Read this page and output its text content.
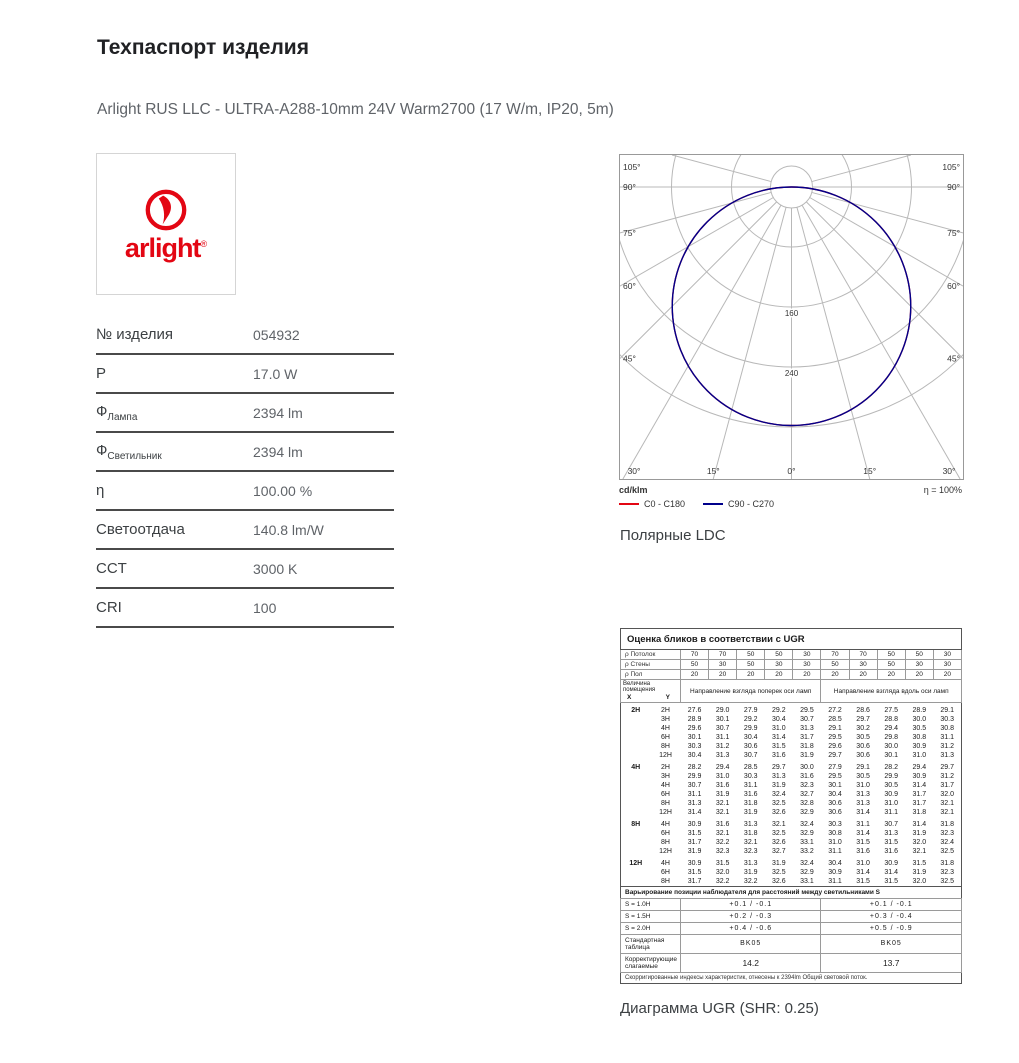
Техпаспорт изделия
Arlight RUS LLC - ULTRA-A288-10mm 24V Warm2700 (17 W/m, IP20, 5m)
arlight®
№ изделия	054932
P	17.0 W
$Ф_{Лампа}$	2394 lm
$Ф_{Светильник}$	2394 lm
η	100.00 %
Светоотдача	140.8 lm/W
CCT	3000 K
CRI	100
160
240
105°
105°
90°
90°
75°
75°
60°
60°
45°
45°
30°
30°	15°
15°	0°
cd/klm	η = 100%
C0 - C180	C90 - C270
Полярные LDC
Оценка бликов в соответствии с UGR											
ρ Потолок		70	70	50	50	30	70	70	50	50	30
ρ Стены		50	30	50	30	30	50	30	50	30	30
ρ Пол		20	20	20	20	20	20	20	20	20	20

Величина помещения
X Y		Направление взгляда поперек оси ламп					Направление взгляда вдоль оси ламп				

2H	2H	27.6	29.0	27.9	29.2	29.5	27.2	28.6	27.5	28.9	29.1
	3H	28.9	30.1	29.2	30.4	30.7	28.5	29.7	28.8	30.0	30.3
	4H	29.6	30.7	29.9	31.0	31.3	29.1	30.2	29.4	30.5	30.8
	6H	30.1	31.1	30.4	31.4	31.7	29.5	30.5	29.8	30.8	31.1
	8H	30.3	31.2	30.6	31.5	31.8	29.6	30.6	30.0	30.9	31.2
	12H	30.4	31.3	30.7	31.6	31.9	29.7	30.6	30.1	31.0	31.3

4H	2H	28.2	29.4	28.5	29.7	30.0	27.9	29.1	28.2	29.4	29.7
	3H	29.9	31.0	30.3	31.3	31.6	29.5	30.5	29.9	30.9	31.2
	4H	30.7	31.6	31.1	31.9	32.3	30.1	31.0	30.5	31.4	31.7
	6H	31.1	31.9	31.6	32.4	32.7	30.4	31.3	30.9	31.7	32.0
	8H	31.3	32.1	31.8	32.5	32.8	30.6	31.3	31.0	31.7	32.1
	12H	31.4	32.1	31.9	32.6	32.9	30.6	31.4	31.1	31.8	32.1

8H	4H	30.9	31.6	31.3	32.1	32.4	30.3	31.1	30.7	31.4	31.8
	6H	31.5	32.1	31.8	32.5	32.9	30.8	31.4	31.3	31.9	32.3
	8H	31.7	32.2	32.1	32.6	33.1	31.0	31.5	31.5	32.0	32.4
	12H	31.9	32.3	32.3	32.7	33.2	31.1	31.6	31.6	32.1	32.5

12H	4H	30.9	31.5	31.3	31.9	32.4	30.4	31.0	30.9	31.5	31.8
	6H	31.5	32.0	31.9	32.5	32.9	30.9	31.4	31.4	31.9	32.3
	8H	31.7	32.2	32.2	32.6	33.1	31.1	31.5	31.5	32.0	32.5
Варьирование позиции наблюдателя для расстояний между светильниками S											
S = 1.0H		+0.1 / -0.1					+0.1 / -0.1				
S = 1.5H		+0.2 / -0.3					+0.3 / -0.4				
S = 2.0H		+0.4 / -0.6					+0.5 / -0.9				
Стандартная таблица		BK05					BK05				
Корректирующие слагаемые		14.2					13.7				
Скорригированные индексы характеристик, отнесены к 2394lm Общий световой поток.											
Диаграмма UGR (SHR: 0.25)
